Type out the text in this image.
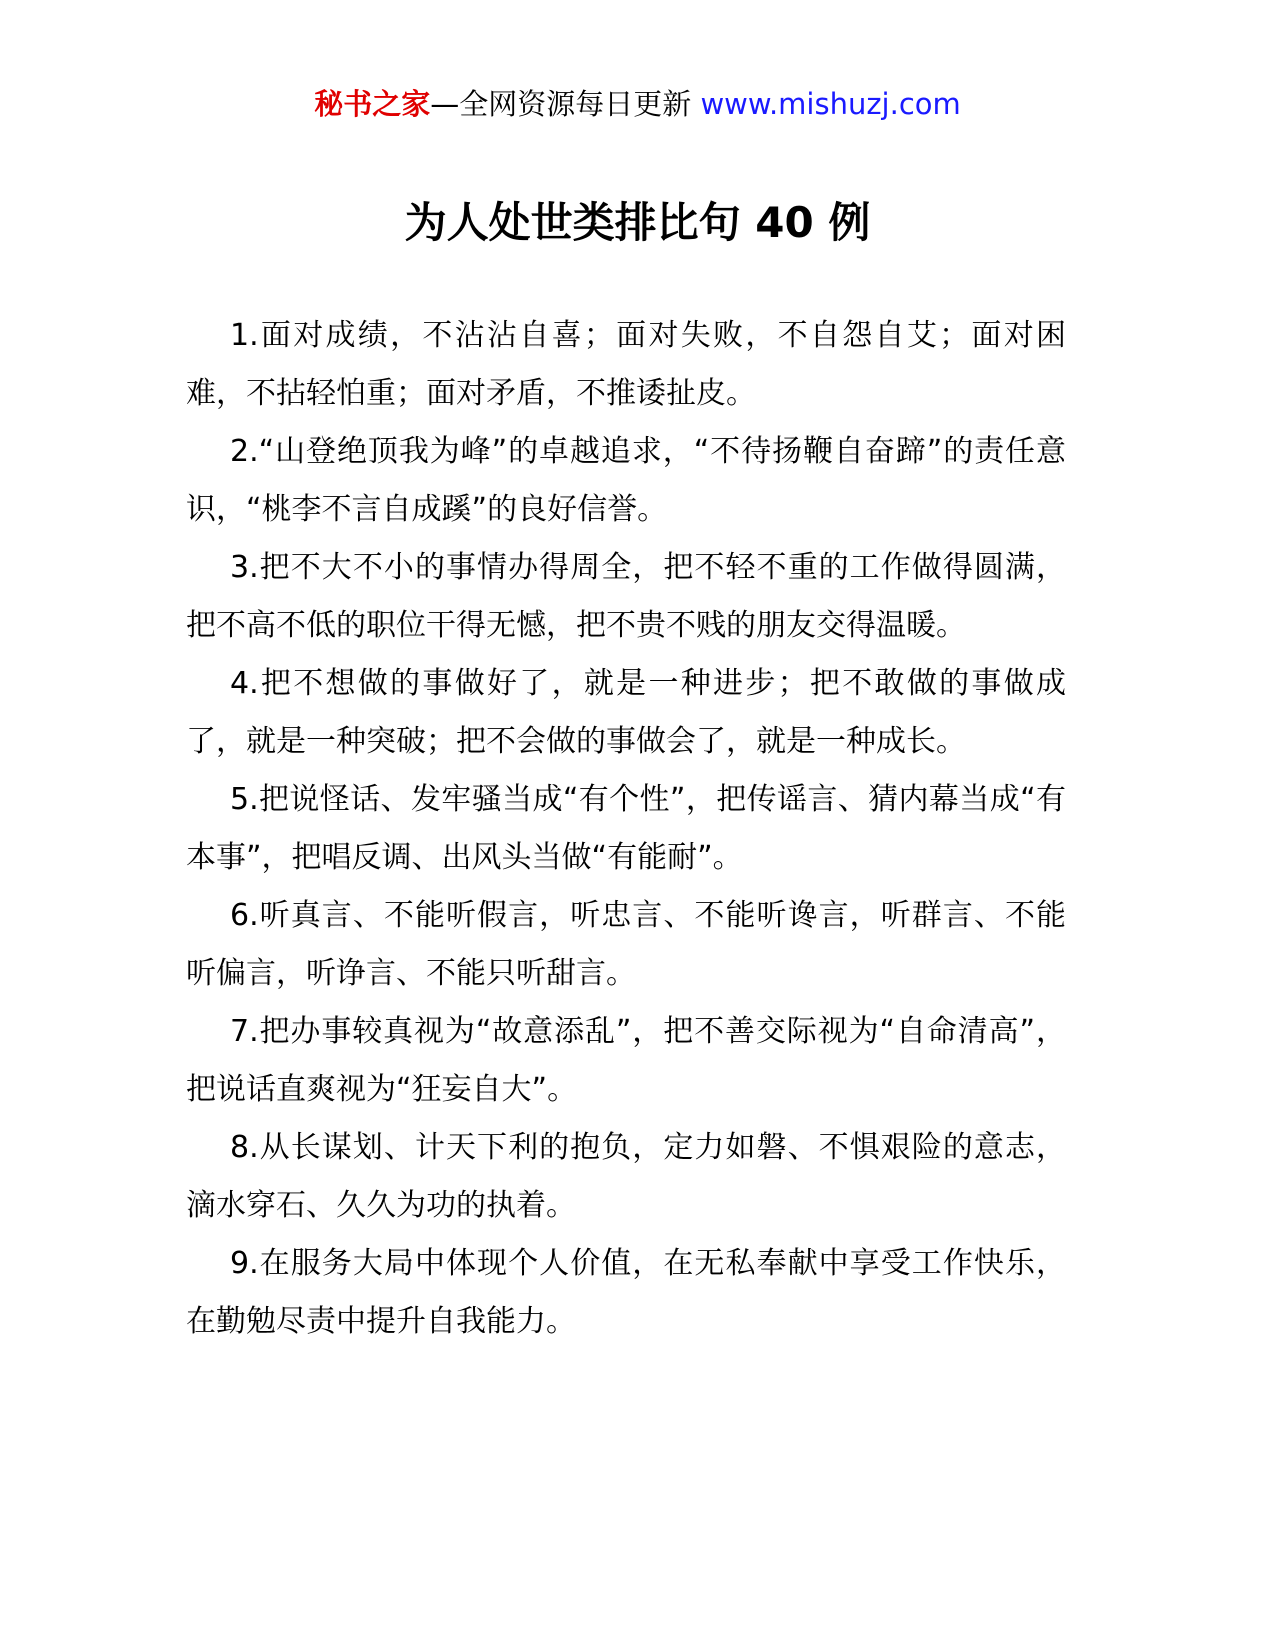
秘书之家—全网资源每日更新 www.mishuzj.com
为人处世类排比句 40 例

1.面对成绩，不沾沾自喜；面对失败，不自怨自艾；面对困难，不拈轻怕重；面对矛盾，不推诿扯皮。

2.“山登绝顶我为峰”的卓越追求，“不待扬鞭自奋蹄”的责任意识，“桃李不言自成蹊”的良好信誉。

3.把不大不小的事情办得周全，把不轻不重的工作做得圆满，把不高不低的职位干得无憾，把不贵不贱的朋友交得温暖。

4.把不想做的事做好了，就是一种进步；把不敢做的事做成了，就是一种突破；把不会做的事做会了，就是一种成长。

5.把说怪话、发牢骚当成“有个性”，把传谣言、猜内幕当成“有本事”，把唱反调、出风头当做“有能耐”。

6.听真言、不能听假言，听忠言、不能听谗言，听群言、不能听偏言，听诤言、不能只听甜言。

7.把办事较真视为“故意添乱”，把不善交际视为“自命清高”，把说话直爽视为“狂妄自大”。

8.从长谋划、计天下利的抱负，定力如磐、不惧艰险的意志，滴水穿石、久久为功的执着。

9.在服务大局中体现个人价值，在无私奉献中享受工作快乐，在勤勉尽责中提升自我能力。
